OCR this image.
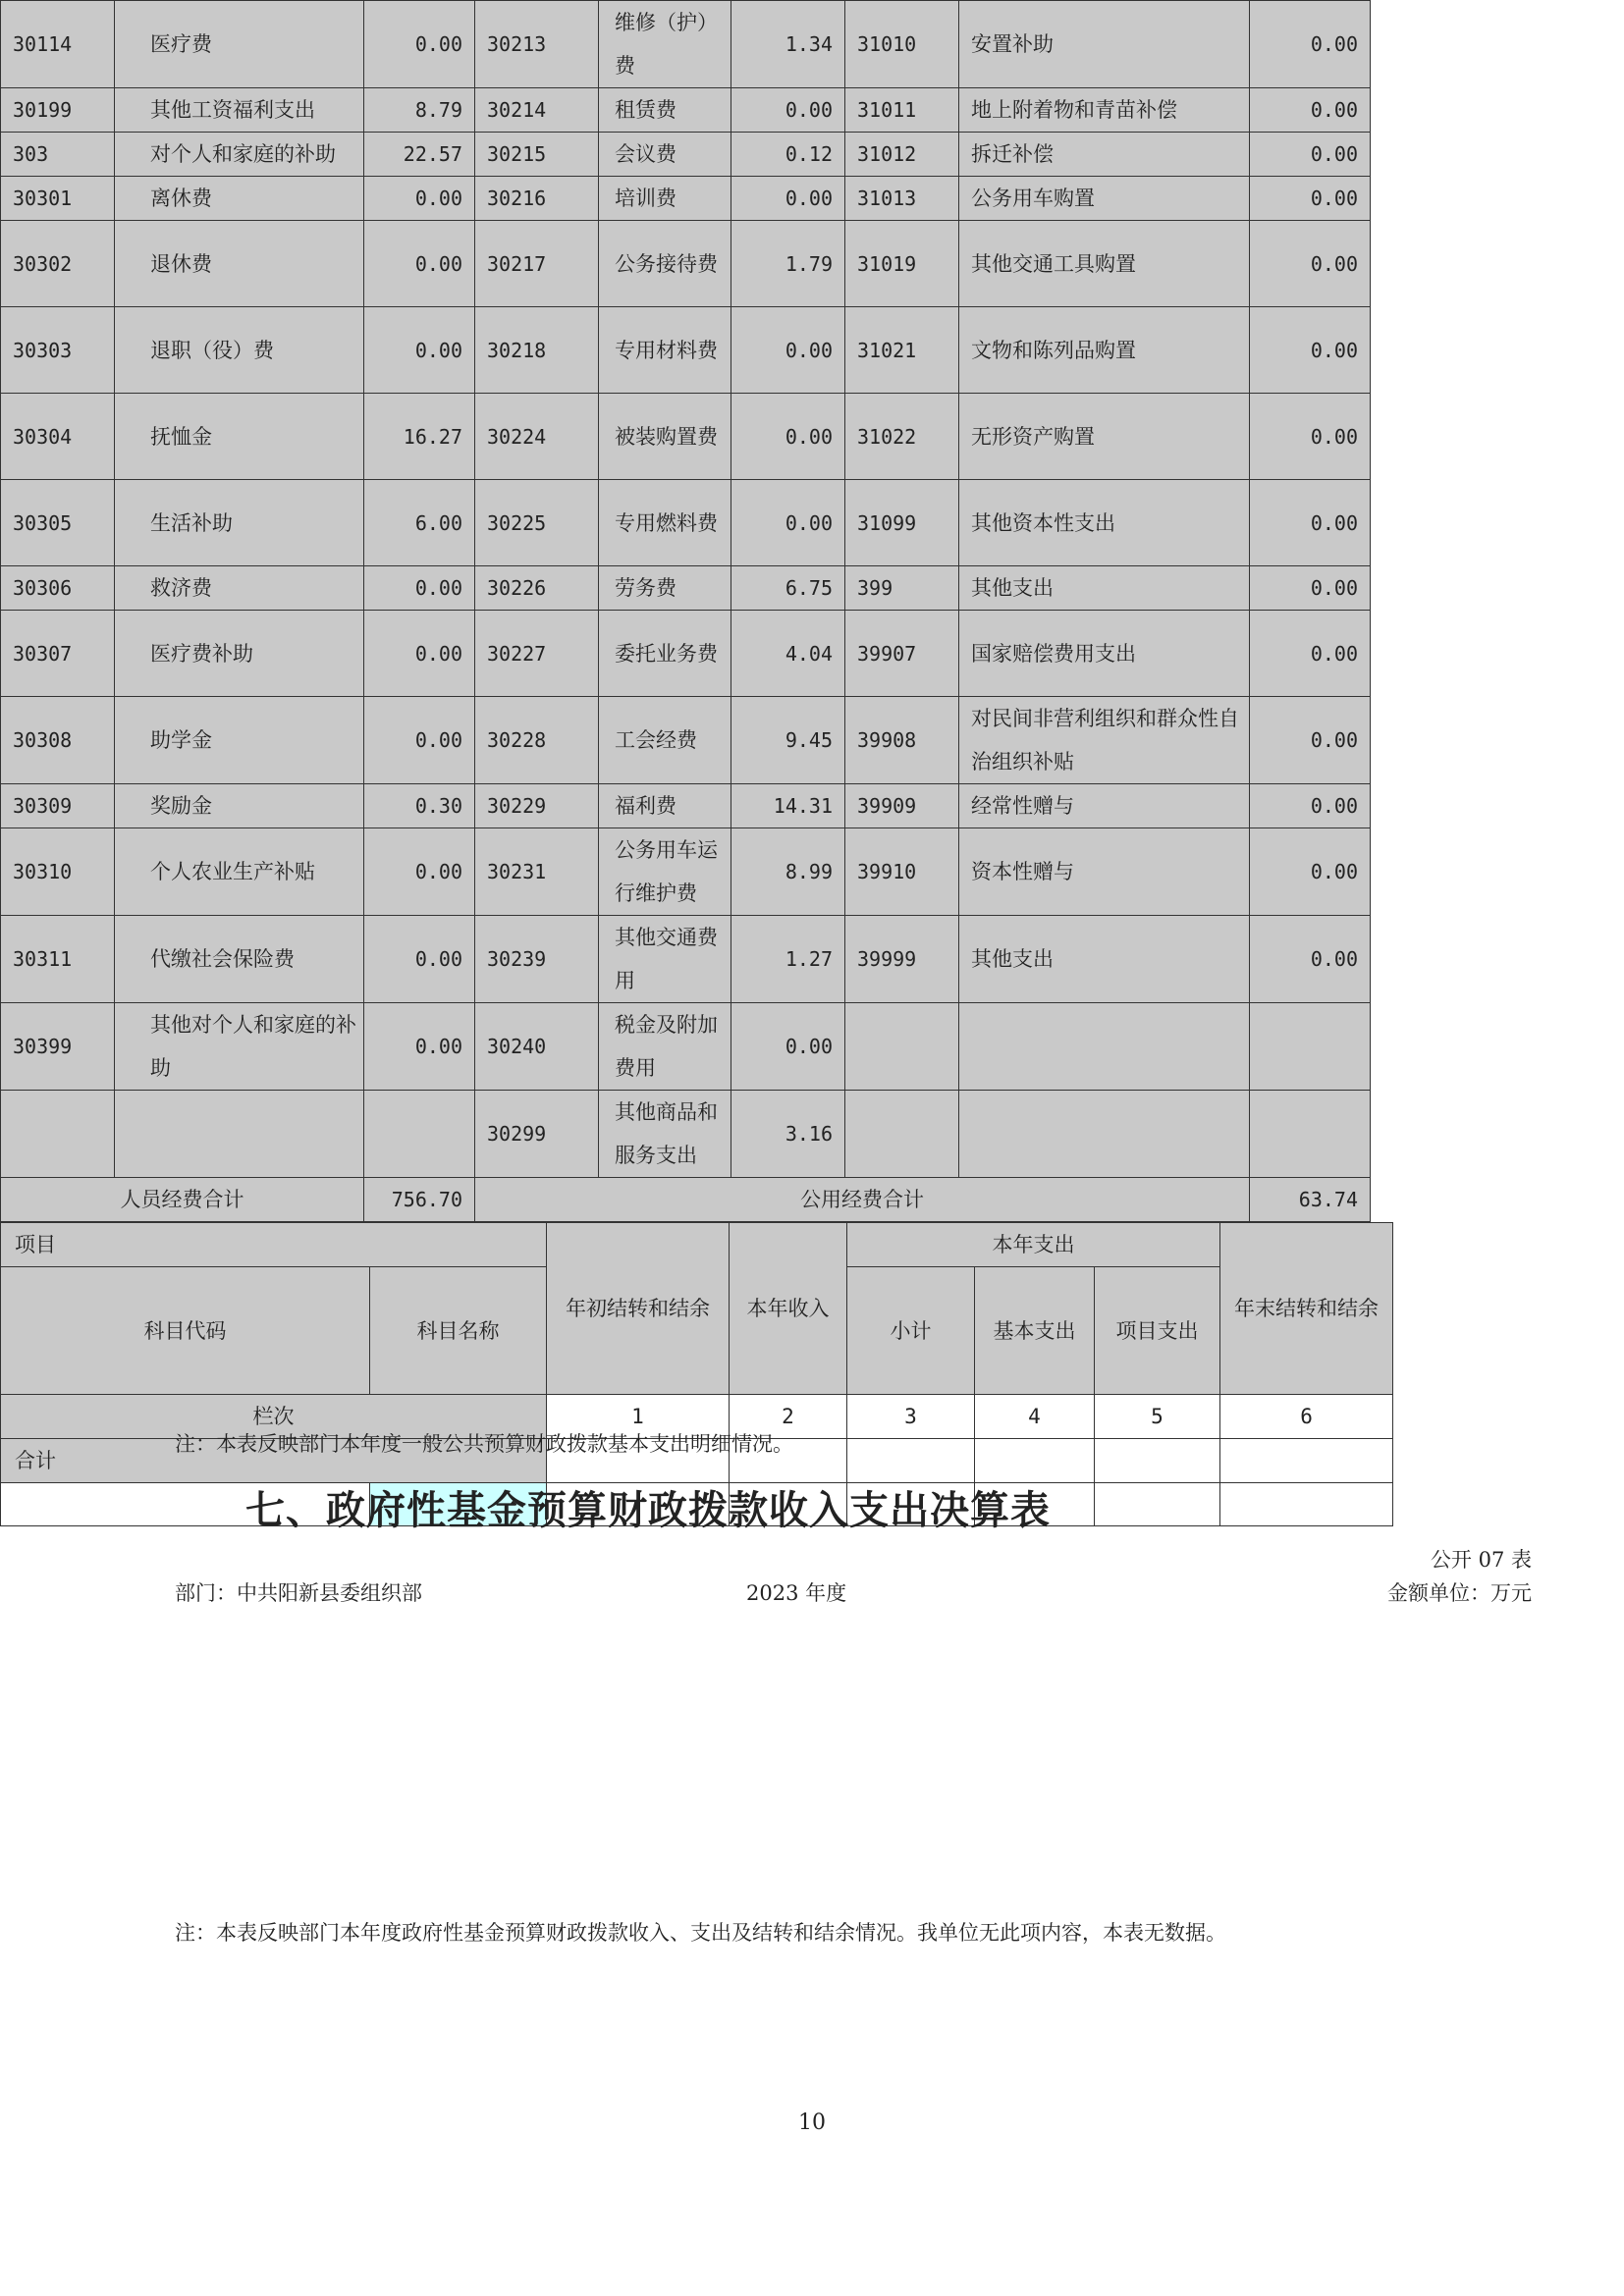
30114	医疗费	0.00	30213	维修（护）费	1.34	31010	安置补助	0.00
30199	其他工资福利支出	8.79	30214	租赁费	0.00	31011	地上附着物和青苗补偿	0.00
303	对个人和家庭的补助	22.57	30215	会议费	0.12	31012	拆迁补偿	0.00
30301	离休费	0.00	30216	培训费	0.00	31013	公务用车购置	0.00
30302	退休费	0.00	30217	公务接待费	1.79	31019	其他交通工具购置	0.00
30303	退职（役）费	0.00	30218	专用材料费	0.00	31021	文物和陈列品购置	0.00
30304	抚恤金	16.27	30224	被装购置费	0.00	31022	无形资产购置	0.00
30305	生活补助	6.00	30225	专用燃料费	0.00	31099	其他资本性支出	0.00
30306	救济费	0.00	30226	劳务费	6.75	399	其他支出	0.00
30307	医疗费补助	0.00	30227	委托业务费	4.04	39907	国家赔偿费用支出	0.00
30308	助学金	0.00	30228	工会经费	9.45	39908	对民间非营利组织和群众性自治组织补贴	0.00
30309	奖励金	0.30	30229	福利费	14.31	39909	经常性赠与	0.00
30310	个人农业生产补贴	0.00	30231	公务用车运行维护费	8.99	39910	资本性赠与	0.00
30311	代缴社会保险费	0.00	30239	其他交通费用	1.27	39999	其他支出	0.00
30399	其他对个人和家庭的补助	0.00	30240	税金及附加费用	0.00			
			30299	其他商品和服务支出	3.16			
人员经费合计		756.70	公用经费合计					63.74
注：本表反映部门本年度一般公共预算财政拨款基本支出明细情况。
七、政府性基金预算财政拨款收入支出决算表
公开 07 表
部门：中共阳新县委组织部	2023 年度	金额单位：万元
项目		年初结转和结余	本年收入	本年支出			年末结转和结余
科目代码	科目名称			小计	基本支出	项目支出	
栏次		1	2	3	4	5	6
合计							

注：本表反映部门本年度政府性基金预算财政拨款收入、支出及结转和结余情况。我单位无此项内容，本表无数据。
10
